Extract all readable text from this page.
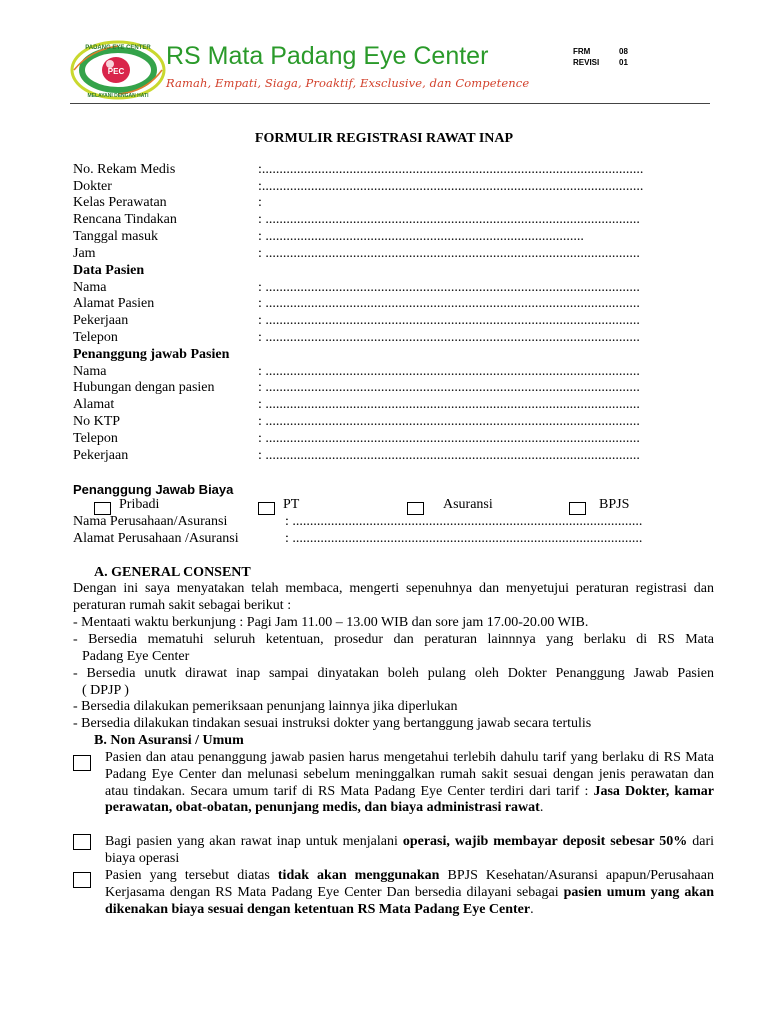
PADANG EYE CENTER
PEC
MELAYANI DENGAN HATI
RS Mata Padang Eye Center
Ramah, Empati, Siaga, Proaktif, Exsclusive, dan Competence
FRM	08
REVISI 01
FORMULIR REGISTRASI RAWAT INAP
No. Rekam Medis	:.............................................................................................................
Dokter	:.............................................................................................................
Kelas Perawatan	:
Rencana Tindakan	: ...........................................................................................................
Tanggal masuk	: ...........................................................................................
Jam	: ...........................................................................................................
Data Pasien
Nama	: ...........................................................................................................
Alamat Pasien	: ...........................................................................................................
Pekerjaan	: ...........................................................................................................
Telepon	: ...........................................................................................................
Penanggung jawab Pasien
Nama	: ...........................................................................................................
Hubungan dengan pasien	: ...........................................................................................................
Alamat	: ...........................................................................................................
No KTP	: ...........................................................................................................
Telepon	: ...........................................................................................................
Pekerjaan	: ...........................................................................................................
Penanggung Jawab Biaya
Pribadi	PT	Asuransi	BPJS
Nama Perusahaan/Asuransi	: ....................................................................................................
Alamat Perusahaan /Asuransi	: ....................................................................................................
A. GENERAL CONSENT
Dengan ini saya menyatakan telah membaca, mengerti sepenuhnya dan menyetujui peraturan registrasi dan peraturan rumah sakit sebagai berikut :
- Mentaati waktu berkunjung : Pagi Jam 11.00 – 13.00 WIB dan sore jam 17.00-20.00 WIB.
- Bersedia mematuhi seluruh ketentuan, prosedur dan peraturan lainnnya yang berlaku di RS Mata
Padang Eye Center
- Bersedia unutk dirawat inap sampai dinyatakan boleh pulang oleh Dokter Penanggung Jawab Pasien
( DPJP )
- Bersedia dilakukan pemeriksaan penunjang lainnya jika diperlukan
- Bersedia dilakukan tindakan sesuai instruksi dokter yang bertanggung jawab secara tertulis
B. Non Asuransi / Umum
Pasien dan atau penanggung jawab pasien harus mengetahui terlebih dahulu tarif yang berlaku di RS Mata Padang Eye Center dan melunasi sebelum meninggalkan rumah sakit sesuai dengan jenis perawatan dan atau tindakan. Secara umum tarif di RS Mata Padang Eye Center terdiri dari tarif : Jasa Dokter, kamar perawatan, obat-obatan, penunjang medis, dan biaya administrasi rawat.
Bagi pasien yang akan rawat inap untuk menjalani operasi, wajib membayar deposit sebesar 50% dari biaya operasi
Pasien yang tersebut diatas tidak akan menggunakan BPJS Kesehatan/Asuransi apapun/Perusahaan Kerjasama dengan RS Mata Padang Eye Center Dan bersedia dilayani sebagai pasien umum yang akan dikenakan biaya sesuai dengan ketentuan RS Mata Padang Eye Center.
